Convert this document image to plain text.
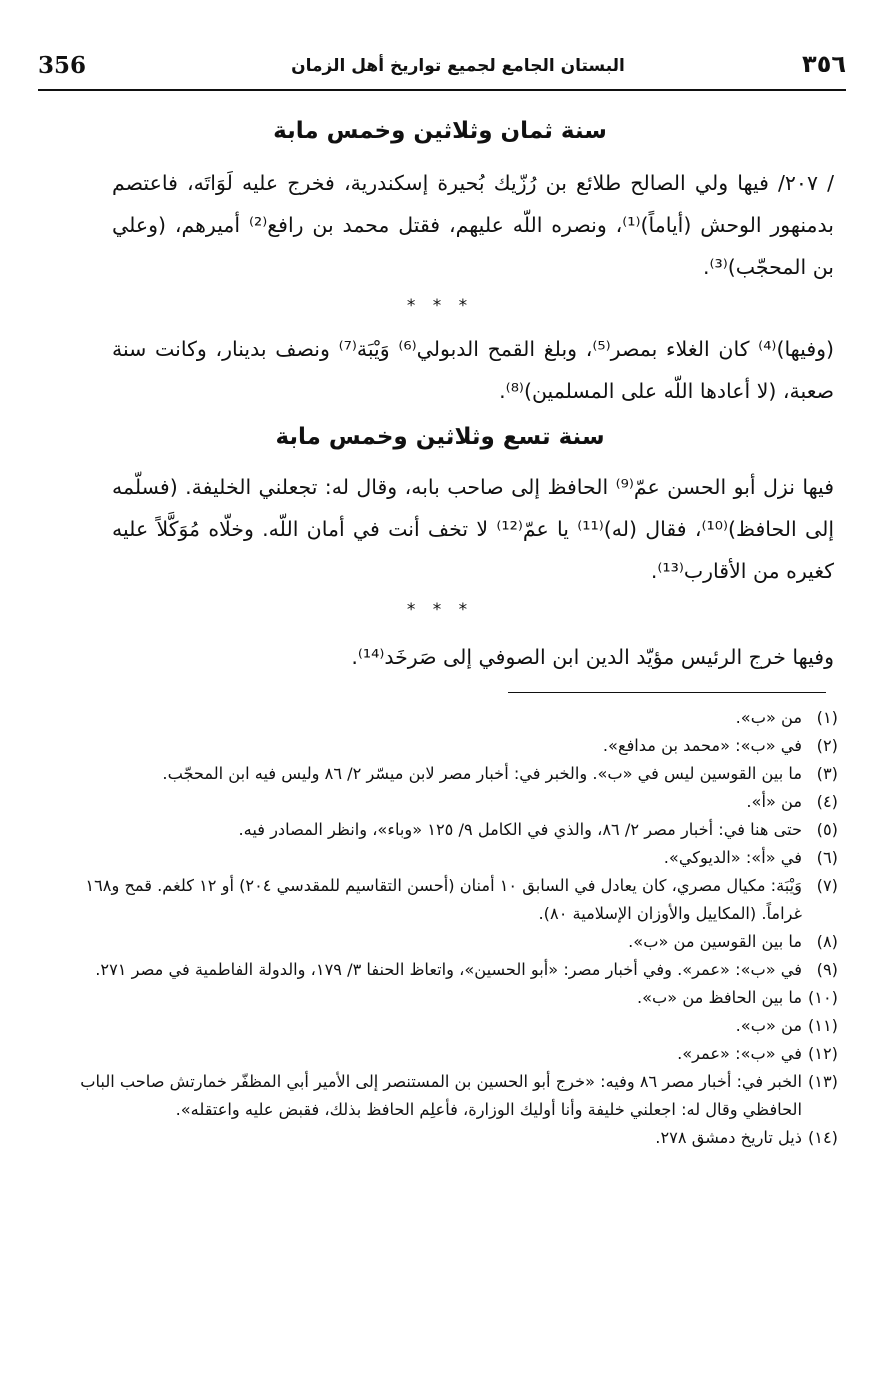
356	البستان الجامع لجميع تواريخ أهل الزمان	٣٥٦
سنة ثمان وثلاثين وخمس مابة
/ ٢٠٧/ فيها ولي الصالح طلائع بن رُزّيك بُحيرة إسكندرية، فخرج عليه لَوَاتَه، فاعتصم بدمنهور الوحش (أياماً)⁽¹⁾، ونصره اللّه عليهم، فقتل محمد بن رافع⁽²⁾ أميرهم، (وعلي بن المحجّب)⁽³⁾.
* * *
(وفيها)⁽⁴⁾ كان الغلاء بمصر⁽⁵⁾، وبلغ القمح الدبولي⁽⁶⁾ وَيْبَة⁽⁷⁾ ونصف بدينار، وكانت سنة صعبة، (لا أعادها اللّه على المسلمين)⁽⁸⁾.
سنة تسع وثلاثين وخمس مابة
فيها نزل أبو الحسن عمّ⁽⁹⁾ الحافظ إلى صاحب بابه، وقال له: تجعلني الخليفة. (فسلّمه إلى الحافظ)⁽¹⁰⁾، فقال (له)⁽¹¹⁾ يا عمّ⁽¹²⁾ لا تخف أنت في أمان اللّه. وخلّاه مُوَكَّلاً عليه كغيره من الأقارب⁽¹³⁾.
* * *
وفيها خرج الرئيس مؤيّد الدين ابن الصوفي إلى صَرخَد⁽¹⁴⁾.
(١)
من «ب».
(٢)
في «ب»: «محمد بن مدافع».
(٣)
ما بين القوسين ليس في «ب». والخبر في: أخبار مصر لابن ميسّر ٢/ ٨٦ وليس فيه ابن المحجّب.
(٤)
من «أ».
(٥)
حتى هنا في: أخبار مصر ٢/ ٨٦، والذي في الكامل ٩/ ١٢٥ «وباء»، وانظر المصادر فيه.
(٦)
في «أ»: «الديوكي».
(٧)
وَيْبَة: مكيال مصري، كان يعادل في السابق ١٠ أمنان (أحسن التقاسيم للمقدسي ٢٠٤) أو ١٢ كلغم. قمح و١٦٨ غراماً. (المكاييل والأوزان الإسلامية ٨٠).
(٨)
ما بين القوسين من «ب».
(٩)
في «ب»: «عمر». وفي أخبار مصر: «أبو الحسين»، واتعاظ الحنفا ٣/ ١٧٩، والدولة الفاطمية في مصر ٢٧١.
(١٠)
ما بين الحافظ من «ب».
(١١)
من «ب».
(١٢)
في «ب»: «عمر».
(١٣)
الخبر في: أخبار مصر ٨٦ وفيه: «خرج أبو الحسين بن المستنصر إلى الأمير أبي المظفّر خمارتش صاحب الباب الحافظي وقال له: اجعلني خليفة وأنا أوليك الوزارة، فأعلِم الحافظ بذلك، فقبض عليه واعتقله».
(١٤)
ذيل تاريخ دمشق ٢٧٨.
